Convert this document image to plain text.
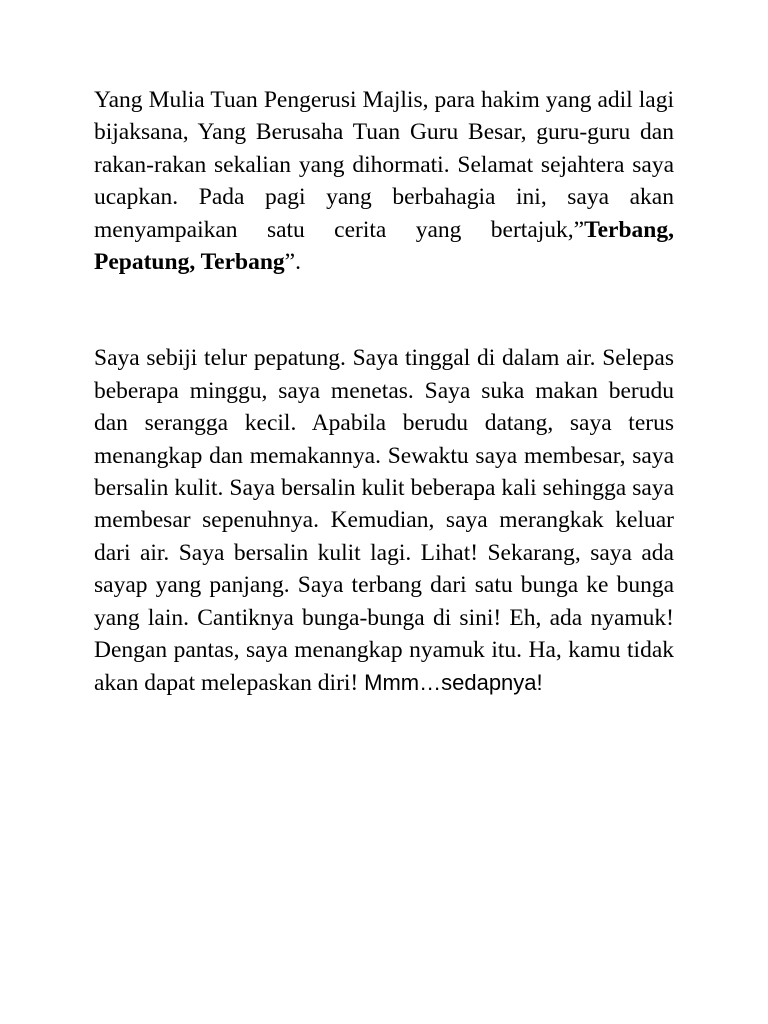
Yang Mulia Tuan Pengerusi Majlis, para hakim yang adil lagi bijaksana, Yang Berusaha Tuan Guru Besar, guru-guru dan rakan-rakan sekalian yang dihormati. Selamat sejahtera saya ucapkan. Pada pagi yang berbahagia ini, saya akan menyampaikan satu cerita yang bertajuk,”Terbang, Pepatung, Terbang”.

Saya sebiji telur pepatung. Saya tinggal di dalam air. Selepas beberapa minggu, saya menetas. Saya suka makan berudu dan serangga kecil. Apabila berudu datang, saya terus menangkap dan memakannya. Sewaktu saya membesar, saya bersalin kulit. Saya bersalin kulit beberapa kali sehingga saya membesar sepenuhnya. Kemudian, saya merangkak keluar dari air. Saya bersalin kulit lagi. Lihat! Sekarang, saya ada sayap yang panjang. Saya terbang dari satu bunga ke bunga yang lain. Cantiknya bunga-bunga di sini! Eh, ada nyamuk! Dengan pantas, saya menangkap nyamuk itu. Ha, kamu tidak akan dapat melepaskan diri! Mmm…sedapnya!
